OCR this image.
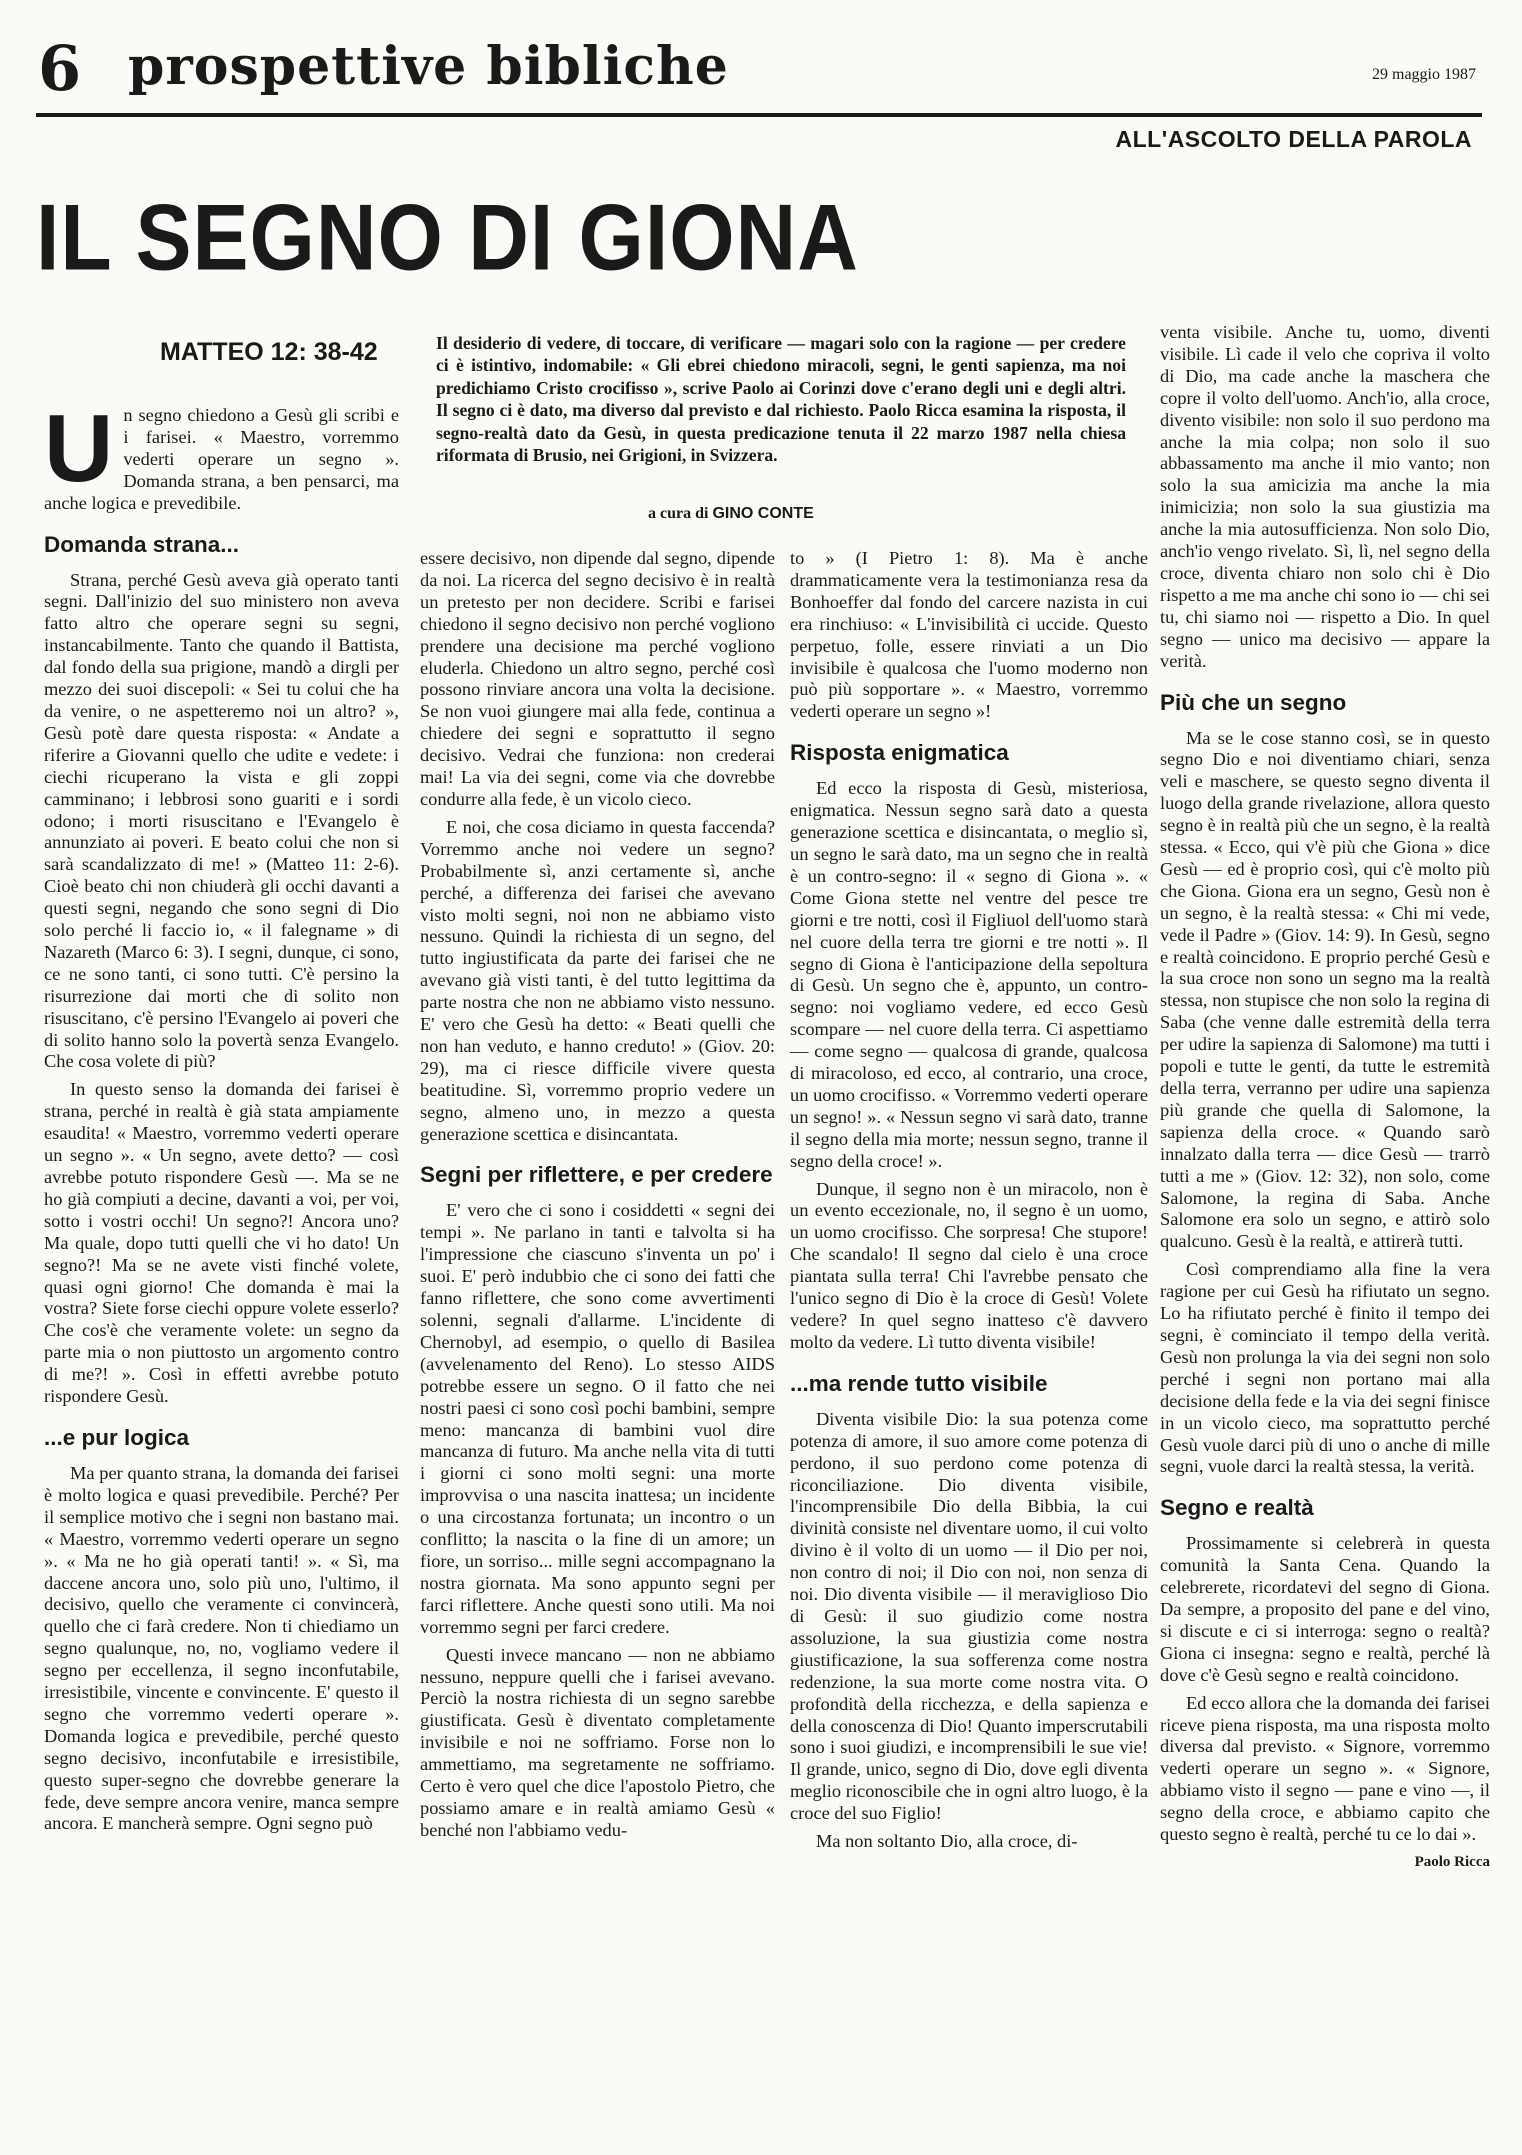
6 prospettive bibliche	29 maggio 1987
ALL'ASCOLTO DELLA PAROLA
IL SEGNO DI GIONA
MATTEO 12: 38-42	Il desiderio di vedere, di toccare, di verificare — magari solo con la ragione — per credere ci è istintivo, indomabile: « Gli ebrei chiedono miracoli, segni, le genti sapienza, ma noi predichiamo Cristo crocifisso », scrive Paolo ai Corinzi dove c'erano degli uni e degli altri. Il segno ci è dato, ma diverso dal previsto e dal richiesto. Paolo Ricca esamina la risposta, il segno-realtà dato da Gesù, in questa predicazione tenuta il 22 marzo 1987 nella chiesa riformata di Brusio, nei Grigioni, in Svizzera.
a cura di GINO CONTE

Un segno chiedono a Gesù gli scribi e i farisei. « Maestro, vorremmo vederti operare un segno ». Domanda strana, a ben pensarci, ma anche logica e prevedibile.

Domanda strana...

Strana, perché Gesù aveva già operato tanti segni. Dall'inizio del suo ministero non aveva fatto altro che operare segni su segni, instancabilmente. Tanto che quando il Battista, dal fondo della sua prigione, mandò a dirgli per mezzo dei suoi discepoli: « Sei tu colui che ha da venire, o ne aspetteremo noi un altro? », Gesù potè dare questa risposta: « Andate a riferire a Giovanni quello che udite e vedete: i ciechi ricuperano la vista e gli zoppi camminano; i lebbrosi sono guariti e i sordi odono; i morti risuscitano e l'Evangelo è annunziato ai poveri. E beato colui che non si sarà scandalizzato di me! » (Matteo 11: 2-6). Cioè beato chi non chiuderà gli occhi davanti a questi segni, negando che sono segni di Dio solo perché li faccio io, « il falegname » di Nazareth (Marco 6: 3). I segni, dunque, ci sono, ce ne sono tanti, ci sono tutti. C'è persino la risurrezione dai morti che di solito non risuscitano, c'è persino l'Evangelo ai poveri che di solito hanno solo la povertà senza Evangelo. Che cosa volete di più?

In questo senso la domanda dei farisei è strana, perché in realtà è già stata ampiamente esaudita! « Maestro, vorremmo vederti operare un segno ». « Un segno, avete detto? — così avrebbe potuto rispondere Gesù —. Ma se ne ho già compiuti a decine, davanti a voi, per voi, sotto i vostri occhi! Un segno?! Ancora uno? Ma quale, dopo tutti quelli che vi ho dato! Un segno?! Ma se ne avete visti finché volete, quasi ogni giorno! Che domanda è mai la vostra? Siete forse ciechi oppure volete esserlo? Che cos'è che veramente volete: un segno da parte mia o non piuttosto un argomento contro di me?! ». Così in effetti avrebbe potuto rispondere Gesù.

...e pur logica

Ma per quanto strana, la domanda dei farisei è molto logica e quasi prevedibile. Perché? Per il semplice motivo che i segni non bastano mai. « Maestro, vorremmo vederti operare un segno ». « Ma ne ho già operati tanti! ». « Sì, ma daccene ancora uno, solo più uno, l'ultimo, il decisivo, quello che veramente ci convincerà, quello che ci farà credere. Non ti chiediamo un segno qualunque, no, no, vogliamo vedere il segno per eccellenza, il segno inconfutabile, irresistibile, vincente e convincente. E' questo il segno che vorremmo vederti operare ». Domanda logica e prevedibile, perché questo segno decisivo, inconfutabile e irresistibile, questo super-segno che dovrebbe generare la fede, deve sempre ancora venire, manca sempre ancora. E mancherà sempre. Ogni segno può

essere decisivo, non dipende dal segno, dipende da noi. La ricerca del segno decisivo è in realtà un pretesto per non decidere. Scribi e farisei chiedono il segno decisivo non perché vogliono prendere una decisione ma perché vogliono eluderla. Chiedono un altro segno, perché così possono rinviare ancora una volta la decisione. Se non vuoi giungere mai alla fede, continua a chiedere dei segni e soprattutto il segno decisivo. Vedrai che funziona: non crederai mai! La via dei segni, come via che dovrebbe condurre alla fede, è un vicolo cieco.

E noi, che cosa diciamo in questa faccenda? Vorremmo anche noi vedere un segno? Probabilmente sì, anzi certamente sì, anche perché, a differenza dei farisei che avevano visto molti segni, noi non ne abbiamo visto nessuno. Quindi la richiesta di un segno, del tutto ingiustificata da parte dei farisei che ne avevano già visti tanti, è del tutto legittima da parte nostra che non ne abbiamo visto nessuno. E' vero che Gesù ha detto: « Beati quelli che non han veduto, e hanno creduto! » (Giov. 20: 29), ma ci riesce difficile vivere questa beatitudine. Sì, vorremmo proprio vedere un segno, almeno uno, in mezzo a questa generazione scettica e disincantata.

Segni per riflettere, e per credere

E' vero che ci sono i cosiddetti « segni dei tempi ». Ne parlano in tanti e talvolta si ha l'impressione che ciascuno s'inventa un po' i suoi. E' però indubbio che ci sono dei fatti che fanno riflettere, che sono come avvertimenti solenni, segnali d'allarme. L'incidente di Chernobyl, ad esempio, o quello di Basilea (avvelenamento del Reno). Lo stesso AIDS potrebbe essere un segno. O il fatto che nei nostri paesi ci sono così pochi bambini, sempre meno: mancanza di bambini vuol dire mancanza di futuro. Ma anche nella vita di tutti i giorni ci sono molti segni: una morte improvvisa o una nascita inattesa; un incidente o una circostanza fortunata; un incontro o un conflitto; la nascita o la fine di un amore; un fiore, un sorriso... mille segni accompagnano la nostra giornata. Ma sono appunto segni per farci riflettere. Anche questi sono utili. Ma noi vorremmo segni per farci credere.

Questi invece mancano — non ne abbiamo nessuno, neppure quelli che i farisei avevano. Perciò la nostra richiesta di un segno sarebbe giustificata. Gesù è diventato completamente invisibile e noi ne soffriamo. Forse non lo ammettiamo, ma segretamente ne soffriamo. Certo è vero quel che dice l'apostolo Pietro, che possiamo amare e in realtà amiamo Gesù « benché non l'abbiamo vedu-

to » (I Pietro 1: 8). Ma è anche drammaticamente vera la testimonianza resa da Bonhoeffer dal fondo del carcere nazista in cui era rinchiuso: « L'invisibilità ci uccide. Questo perpetuo, folle, essere rinviati a un Dio invisibile è qualcosa che l'uomo moderno non può più sopportare ». « Maestro, vorremmo vederti operare un segno »!

Risposta enigmatica

Ed ecco la risposta di Gesù, misteriosa, enigmatica. Nessun segno sarà dato a questa generazione scettica e disincantata, o meglio sì, un segno le sarà dato, ma un segno che in realtà è un contro-segno: il « segno di Giona ». « Come Giona stette nel ventre del pesce tre giorni e tre notti, così il Figliuol dell'uomo starà nel cuore della terra tre giorni e tre notti ». Il segno di Giona è l'anticipazione della sepoltura di Gesù. Un segno che è, appunto, un contro-segno: noi vogliamo vedere, ed ecco Gesù scompare — nel cuore della terra. Ci aspettiamo — come segno — qualcosa di grande, qualcosa di miracoloso, ed ecco, al contrario, una croce, un uomo crocifisso. « Vorremmo vederti operare un segno! ». « Nessun segno vi sarà dato, tranne il segno della mia morte; nessun segno, tranne il segno della croce! ».

Dunque, il segno non è un miracolo, non è un evento eccezionale, no, il segno è un uomo, un uomo crocifisso. Che sorpresa! Che stupore! Che scandalo! Il segno dal cielo è una croce piantata sulla terra! Chi l'avrebbe pensato che l'unico segno di Dio è la croce di Gesù! Volete vedere? In quel segno inatteso c'è davvero molto da vedere. Lì tutto diventa visibile!

...ma rende tutto visibile

Diventa visibile Dio: la sua potenza come potenza di amore, il suo amore come potenza di perdono, il suo perdono come potenza di riconciliazione. Dio diventa visibile, l'incomprensibile Dio della Bibbia, la cui divinità consiste nel diventare uomo, il cui volto divino è il volto di un uomo — il Dio per noi, non contro di noi; il Dio con noi, non senza di noi. Dio diventa visibile — il meraviglioso Dio di Gesù: il suo giudizio come nostra assoluzione, la sua giustizia come nostra giustificazione, la sua sofferenza come nostra redenzione, la sua morte come nostra vita. O profondità della ricchezza, e della sapienza e della conoscenza di Dio! Quanto imperscrutabili sono i suoi giudizi, e incomprensibili le sue vie! Il grande, unico, segno di Dio, dove egli diventa meglio riconoscibile che in ogni altro luogo, è la croce del suo Figlio!

Ma non soltanto Dio, alla croce, di-

venta visibile. Anche tu, uomo, diventi visibile. Lì cade il velo che copriva il volto di Dio, ma cade anche la maschera che copre il volto dell'uomo. Anch'io, alla croce, divento visibile: non solo il suo perdono ma anche la mia colpa; non solo il suo abbassamento ma anche il mio vanto; non solo la sua amicizia ma anche la mia inimicizia; non solo la sua giustizia ma anche la mia autosufficienza. Non solo Dio, anch'io vengo rivelato. Sì, lì, nel segno della croce, diventa chiaro non solo chi è Dio rispetto a me ma anche chi sono io — chi sei tu, chi siamo noi — rispetto a Dio. In quel segno — unico ma decisivo — appare la verità.

Più che un segno

Ma se le cose stanno così, se in questo segno Dio e noi diventiamo chiari, senza veli e maschere, se questo segno diventa il luogo della grande rivelazione, allora questo segno è in realtà più che un segno, è la realtà stessa. « Ecco, qui v'è più che Giona » dice Gesù — ed è proprio così, qui c'è molto più che Giona. Giona era un segno, Gesù non è un segno, è la realtà stessa: « Chi mi vede, vede il Padre » (Giov. 14: 9). In Gesù, segno e realtà coincidono. E proprio perché Gesù e la sua croce non sono un segno ma la realtà stessa, non stupisce che non solo la regina di Saba (che venne dalle estremità della terra per udire la sapienza di Salomone) ma tutti i popoli e tutte le genti, da tutte le estremità della terra, verranno per udire una sapienza più grande che quella di Salomone, la sapienza della croce. « Quando sarò innalzato dalla terra — dice Gesù — trarrò tutti a me » (Giov. 12: 32), non solo, come Salomone, la regina di Saba. Anche Salomone era solo un segno, e attirò solo qualcuno. Gesù è la realtà, e attirerà tutti.

Così comprendiamo alla fine la vera ragione per cui Gesù ha rifiutato un segno. Lo ha rifiutato perché è finito il tempo dei segni, è cominciato il tempo della verità. Gesù non prolunga la via dei segni non solo perché i segni non portano mai alla decisione della fede e la via dei segni finisce in un vicolo cieco, ma soprattutto perché Gesù vuole darci più di uno o anche di mille segni, vuole darci la realtà stessa, la verità.

Segno e realtà

Prossimamente si celebrerà in questa comunità la Santa Cena. Quando la celebrerete, ricordatevi del segno di Giona. Da sempre, a proposito del pane e del vino, si discute e ci si interroga: segno o realtà? Giona ci insegna: segno e realtà, perché là dove c'è Gesù segno e realtà coincidono.

Ed ecco allora che la domanda dei farisei riceve piena risposta, ma una risposta molto diversa dal previsto. « Signore, vorremmo vederti operare un segno ». « Signore, abbiamo visto il segno — pane e vino —, il segno della croce, e abbiamo capito che questo segno è realtà, perché tu ce lo dai ».

Paolo Ricca
